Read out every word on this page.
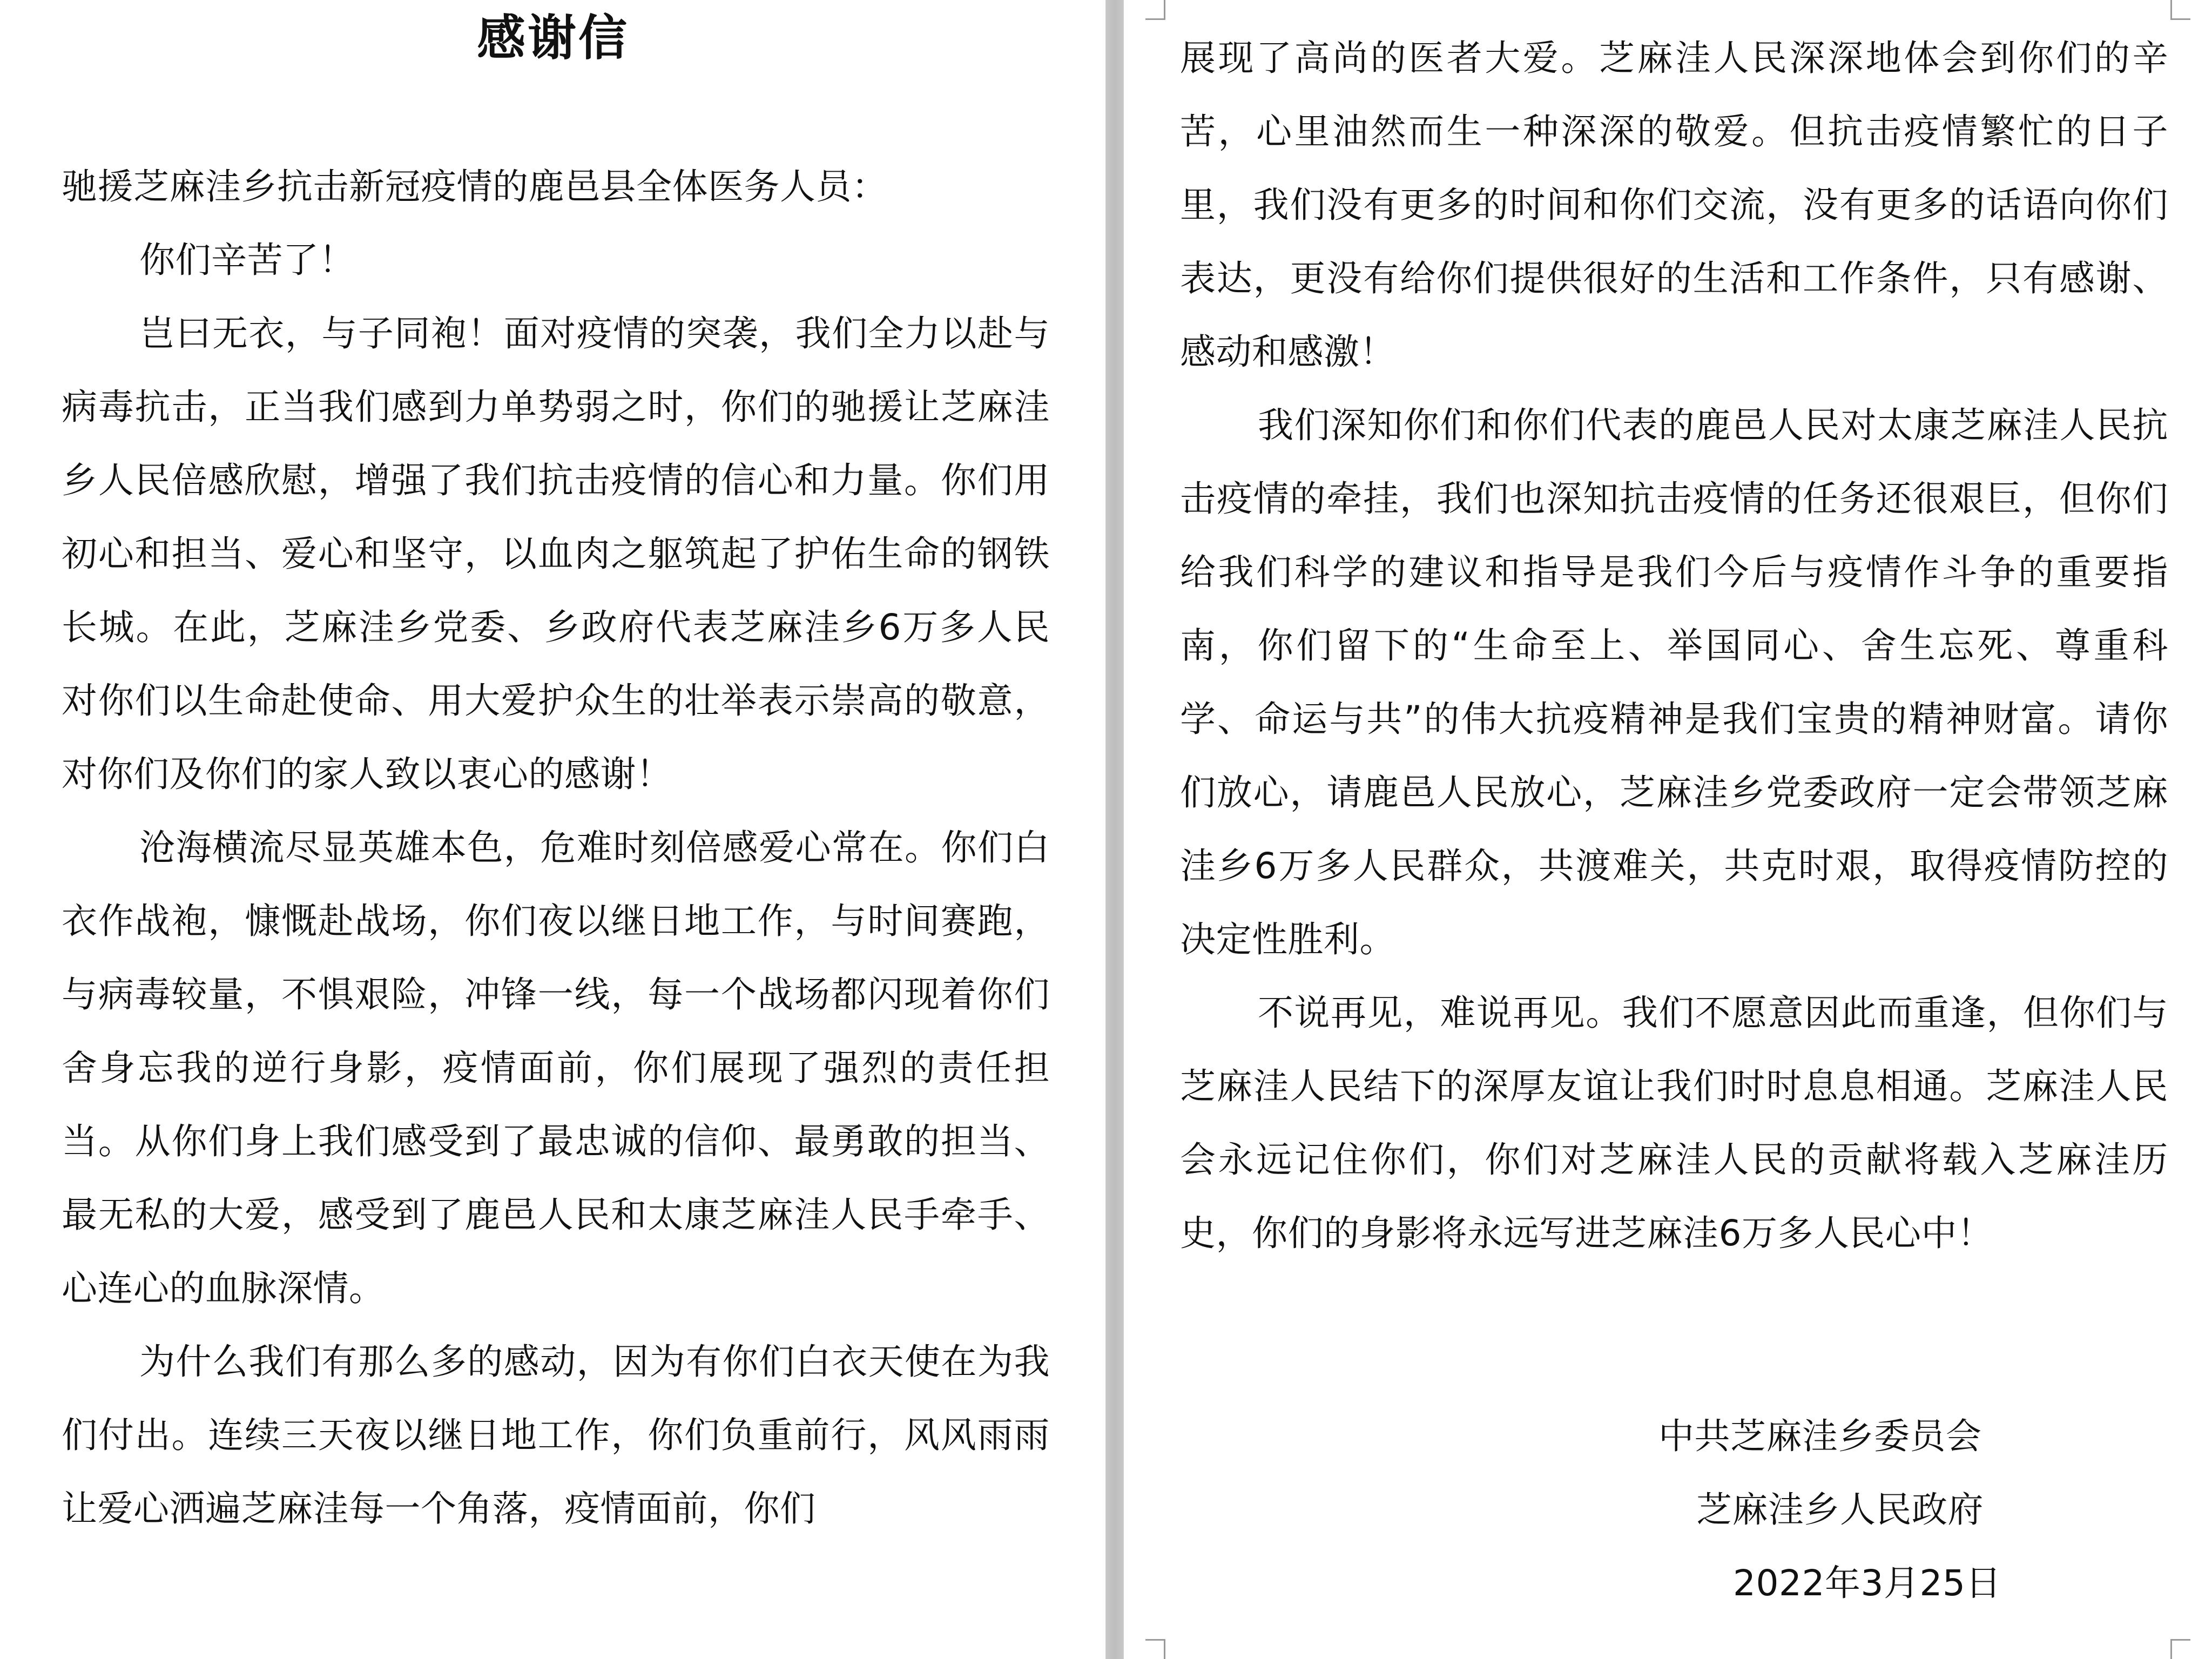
感谢信

驰援芝麻洼乡抗击新冠疫情的鹿邑县全体医务人员：

你们辛苦了！

岂曰无衣，与子同袍！面对疫情的突袭，我们全力以赴与病毒抗击，正当我们感到力单势弱之时，你们的驰援让芝麻洼乡人民倍感欣慰，增强了我们抗击疫情的信心和力量。你们用初心和担当、爱心和坚守，以血肉之躯筑起了护佑生命的钢铁长城。在此，芝麻洼乡党委、乡政府代表芝麻洼乡6万多人民对你们以生命赴使命、用大爱护众生的壮举表示崇高的敬意，对你们及你们的家人致以衷心的感谢！

沧海横流尽显英雄本色，危难时刻倍感爱心常在。你们白衣作战袍，慷慨赴战场，你们夜以继日地工作，与时间赛跑，与病毒较量，不惧艰险，冲锋一线，每一个战场都闪现着你们舍身忘我的逆行身影，疫情面前，你们展现了强烈的责任担当。从你们身上我们感受到了最忠诚的信仰、最勇敢的担当、最无私的大爱，感受到了鹿邑人民和太康芝麻洼人民手牵手、心连心的血脉深情。

为什么我们有那么多的感动，因为有你们白衣天使在为我们付出。连续三天夜以继日地工作，你们负重前行，风风雨雨让爱心洒遍芝麻洼每一个角落，疫情面前，你们

展现了高尚的医者大爱。芝麻洼人民深深地体会到你们的辛苦，心里油然而生一种深深的敬爱。但抗击疫情繁忙的日子里，我们没有更多的时间和你们交流，没有更多的话语向你们表达，更没有给你们提供很好的生活和工作条件，只有感谢、感动和感激！

我们深知你们和你们代表的鹿邑人民对太康芝麻洼人民抗击疫情的牵挂，我们也深知抗击疫情的任务还很艰巨，但你们给我们科学的建议和指导是我们今后与疫情作斗争的重要指南，你们留下的“生命至上、举国同心、舍生忘死、尊重科学、命运与共”的伟大抗疫精神是我们宝贵的精神财富。请你们放心，请鹿邑人民放心，芝麻洼乡党委政府一定会带领芝麻洼乡6万多人民群众，共渡难关，共克时艰，取得疫情防控的决定性胜利。

不说再见，难说再见。我们不愿意因此而重逢，但你们与芝麻洼人民结下的深厚友谊让我们时时息息相通。芝麻洼人民会永远记住你们，你们对芝麻洼人民的贡献将载入芝麻洼历史，你们的身影将永远写进芝麻洼6万多人民心中！

中共芝麻洼乡委员会
芝麻洼乡人民政府
2022年3月25日
